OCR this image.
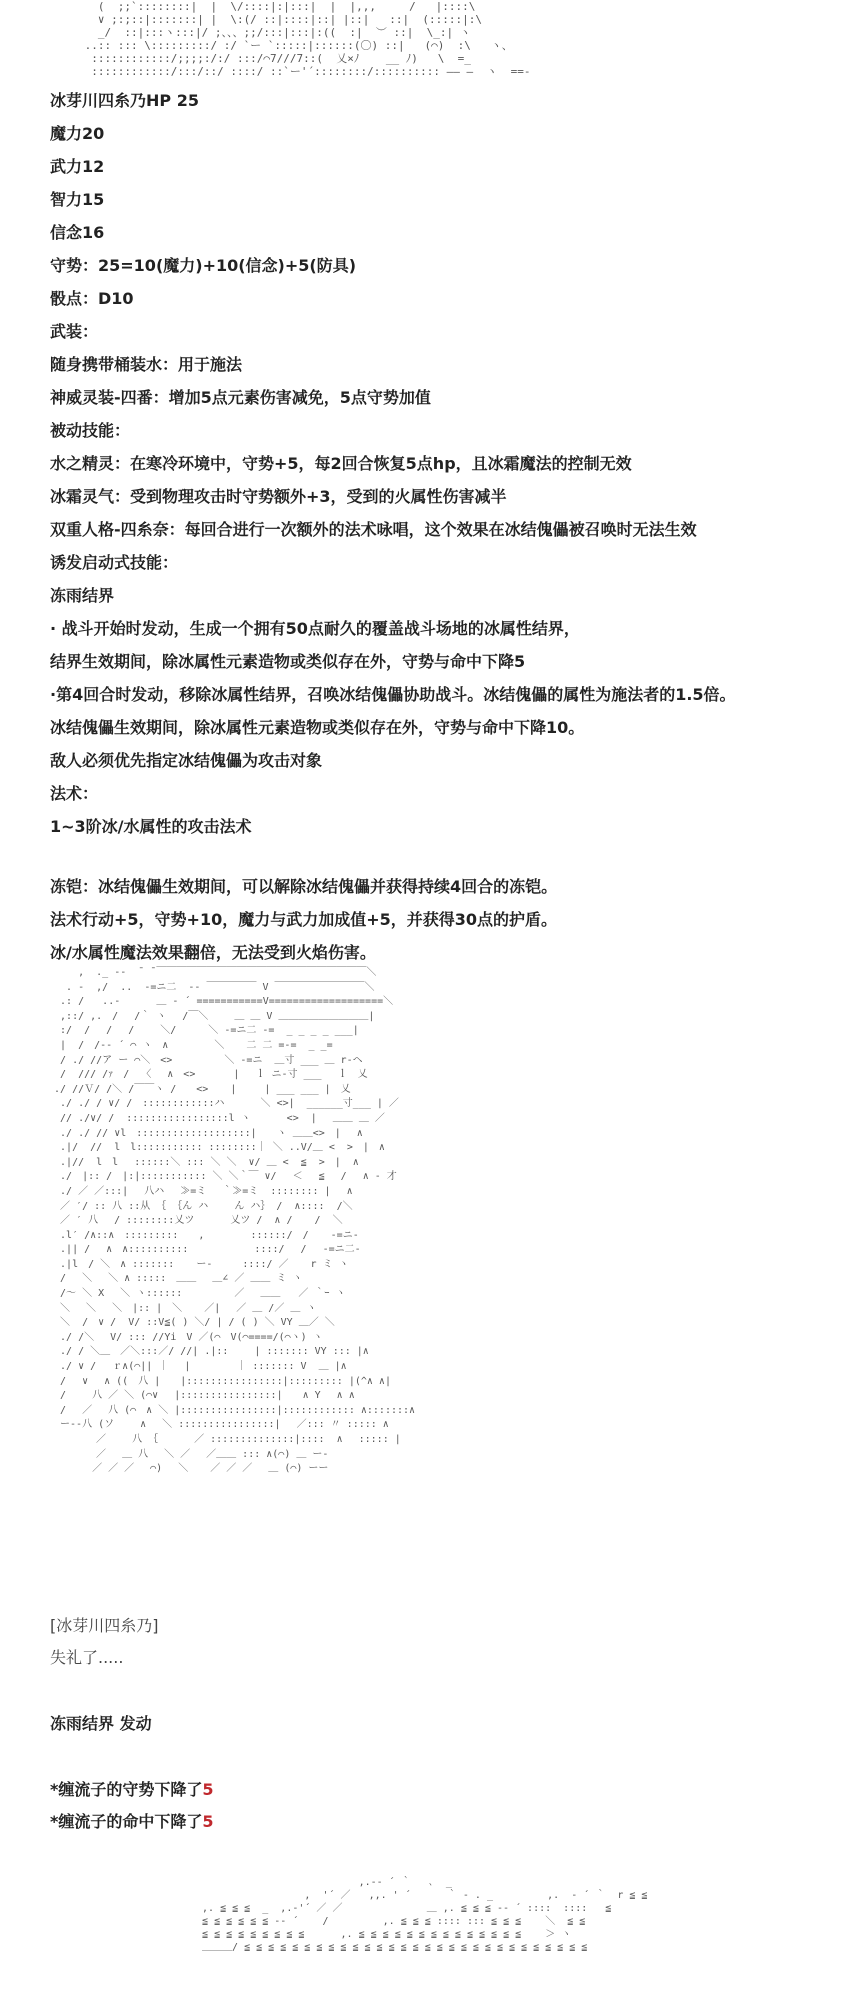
(  ;;`::::::::|  |  \/::::|:|:::|  |  |,,,     /   |::::\
∨ ;:;::|:::::::| |  \:(/ ::|::::|::| |::|   ::|  (:::::|:\
_/  ::|:::ヽ:::|/ ;、、、;;/:::|:::|:((  :|  ︶ ::|  \_:| ヽ
..:: ::: \:::::::::/ :/ `ー `:::::|::::::(〇) ::|   (⌒)  :\   ヽ、
::::::::::::/;;;;:/:/ :::/⌒7///7::(  乂×ﾉ    __ ﾉ)   \  =_
::::::::::::/:::/::/ ::::/ ::`ー'´::::::::/:::::::::: ―― ―  ヽ  ==-
冰芽川四糸乃HP 25
魔力20
武力12
智力15
信念16
守势：25=10(魔力)+10(信念)+5(防具)
骰点：D10
武装：
随身携带桶装水：用于施法
神威灵装-四番：增加5点元素伤害减免，5点守势加值
被动技能：
水之精灵：在寒冷环境中，守势+5，每2回合恢复5点hp，且冰霜魔法的控制无效
冰霜灵气：受到物理攻击时守势额外+3，受到的火属性伤害减半
双重人格-四糸奈：每回合进行一次额外的法术咏唱，这个效果在冰结傀儡被召唤时无法生效
诱发启动式技能：
冻雨结界
· 战斗开始时发动，生成一个拥有50点耐久的覆盖战斗场地的冰属性结界，
结界生效期间，除冰属性元素造物或类似存在外，守势与命中下降5
·第4回合时发动，移除冰属性结界，召唤冰结傀儡协助战斗。冰结傀儡的属性为施法者的1.5倍。
冰结傀儡生效期间，除冰属性元素造物或类似存在外，守势与命中下降10。
敌人必须优先指定冰结傀儡为攻击对象
法术：
1~3阶冰/水属性的攻击法术
冻铠：冰结傀儡生效期间，可以解除冰结傀儡并获得持续4回合的冻铠。
法术行动+5，守势+10，魔力与武力加成值+5，并获得30点的护盾。
冰/水属性魔法效果翻倍，无法受到火焰伤害。
,  ._ -‐  ̄  ̄ ￣￣￣￣￣￣￣￣￣￣￣￣￣￣￣￣￣￣￣￣￣＼
. -  ,/  ..  -=ニ二  -‐ ￣￣￣￣￣ V ￣￣￣￣￣￣￣￣￣＼
.: /   ..‐      ＿ ‐ ´ ===========V===================＼
,::/ ,.　/　 /｀ ヽ　 /￣＼　　 ＿ ＿ V ＿＿＿＿＿＿＿＿＿|
:/  / 　/　 /　　 ＼/　 　 ＼ ‐=ニ二 -=  _ _ _ _ ___|
|  /　/-‐ ´ ⌒ ヽ　∧　　　　 ＼　  二 二 =-=  _ _=
/ ./ //ア ー ⌒＼　<>　　　 　 ＼ ‐=ニ  ＿寸 ___ ＿ r‐ヘ
/  /// /ｧ　/  〈 　∧　<>  　　 |　 ｌ ニ-寸 ___　 ｌ　乂
./ //Ｖ/ /＼ /￣￣ヽ /　　<>　  |  　 | ___ ___ |　乂
./ ./ / ∨/ /　::::::::::::ハ　　　 ＼ <>|  ______寸___ | ／
// ./∨/ /  :::::::::::::::::l ヽ　　 　<>  |　 ＿＿ ＿ ／
./ ./ // ∨l　:::::::::::::::::::|　　ヽ ＿＿<>　|　 ∧
.|/  //  l　l::::::::::: ::::::::｜ ＼ ..V/＿ <  >　|　∧
.|//  l　l　 ::::::＼ ::: ＼ ＼  ∨/ ＿ <  ≦  >　|  ∧
./　|:: /　|:|::::::::::: ＼ ＼｀￣ ∨/　 ＜　 ≦　 /　 ∧ ‐ 才
./ ／ ／:::|　 八ハ　 ≫=ミ　 ｀≫=ミ  :::::::: |　 ∧
／ ′/ :: 八 ::从 ｛ ｛ん ハ　　 ん ハ｝ /  ∧::::  /＼
／ ′ 八 　/ ::::::::乂ツ　　　 乂ツ /  ∧ /  　/  ＼
.l′ /∧::∧　:::::::::　　,　　　　 ::::::/　/ 　 -=ニ-
.|| /　 ∧　∧::::::::::　　　　　　 ::::/ 　/ 　-=ニ二-
.|l　/ ＼　∧ ::::::: 　 ー-　　　::::/ ／　  r ミ ヽ
/　 ＼　 ＼ ∧ :::::　＿＿　 ＿∠ ／ ＿＿ ミ ヽ
/～ ＼ X　 ＼ ヽ::::::　 　　 　／　 ＿＿   ／ ｀ｰ ヽ
＼　 ＼　 ＼　|:: |　＼ 　 ／|　 ／ ＿ /／ ＿ ヽ
＼  /　∨ /  V/ ::V≦( ) ＼/ | / ( ) ＼ VY ＿／ ＼
./ /＼　 V/ ::: //Yi　V ／(⌒　V(⌒====/(⌒ヽ) ヽ
./ / ＼＿　／＼:::／/ //| .|::　　 | ::::::: VY ::: |∧
./ ∨ /　 ｒ∧(⌒|| ｜　 |　　　　 ｜ ::::::: V  ＿ |∧
/　 ∨　 ∧ ((　八 |　　|::::::::::::::::|::::::::: |(^∧ ∧|
/　　 八 ／ ＼ (⌒∨　 |::::::::::::::::|　　∧ Y 　∧ ∧
/　 ／　 八 (⌒　∧ ＼ |::::::::::::::::|:::::::::::: ∧:::::::∧
ー‐‐八 (ソ　　 ∧　 ＼ ::::::::::::::::|　 ／::: 〃 ::::: ∧
　　　 ／　　 八 ｛　　　 ／ ::::::::::::::|::::  ∧　 ::::: |
　　　 ／　 ＿ 八　 ＼ ／　 ／＿＿ ::: ∧(⌒) ＿ ー‐
　 　 ／ ／ ／　 ⌒)　 ＼ 　 ／ ／ ／　 ＿ (⌒) ーー
[冰芽川四糸乃]
失礼了.....
冻雨结界 发动
*缠流子的守势下降了5
*缠流子的命中下降了5
,.-‐ ´ ｀   ､  _
,  '´ ／   ,,. ' ´      ｀ - . _         ,.  - ´ ｀  r ≦ ≦
,. ≦ ≦ ≦  _  ,.-'´ ／ ／              ＿ ,. ≦ ≦ ≦ -‐ ´ ::::  ::::   ≦
≦ ≦ ≦ ≦ ≦ ≦ -‐ ´    /         ,. ≦ ≦ ≦ :::: ::: ≦ ≦ ≦    ＼  ≦ ≦
≦ ≦ ≦ ≦ ≦ ≦ ≦ ≦ ≦      ,. ≦ ≦ ≦ ≦ ≦ ≦ ≦ ≦ ≦ ≦ ≦ ≦ ≦ ≦    ＞ ヽ
＿＿＿/ ≦ ≦ ≦ ≦ ≦ ≦ ≦ ≦ ≦ ≦ ≦ ≦ ≦ ≦ ≦ ≦ ≦ ≦ ≦ ≦ ≦ ≦ ≦ ≦ ≦ ≦ ≦ ≦ ≦
